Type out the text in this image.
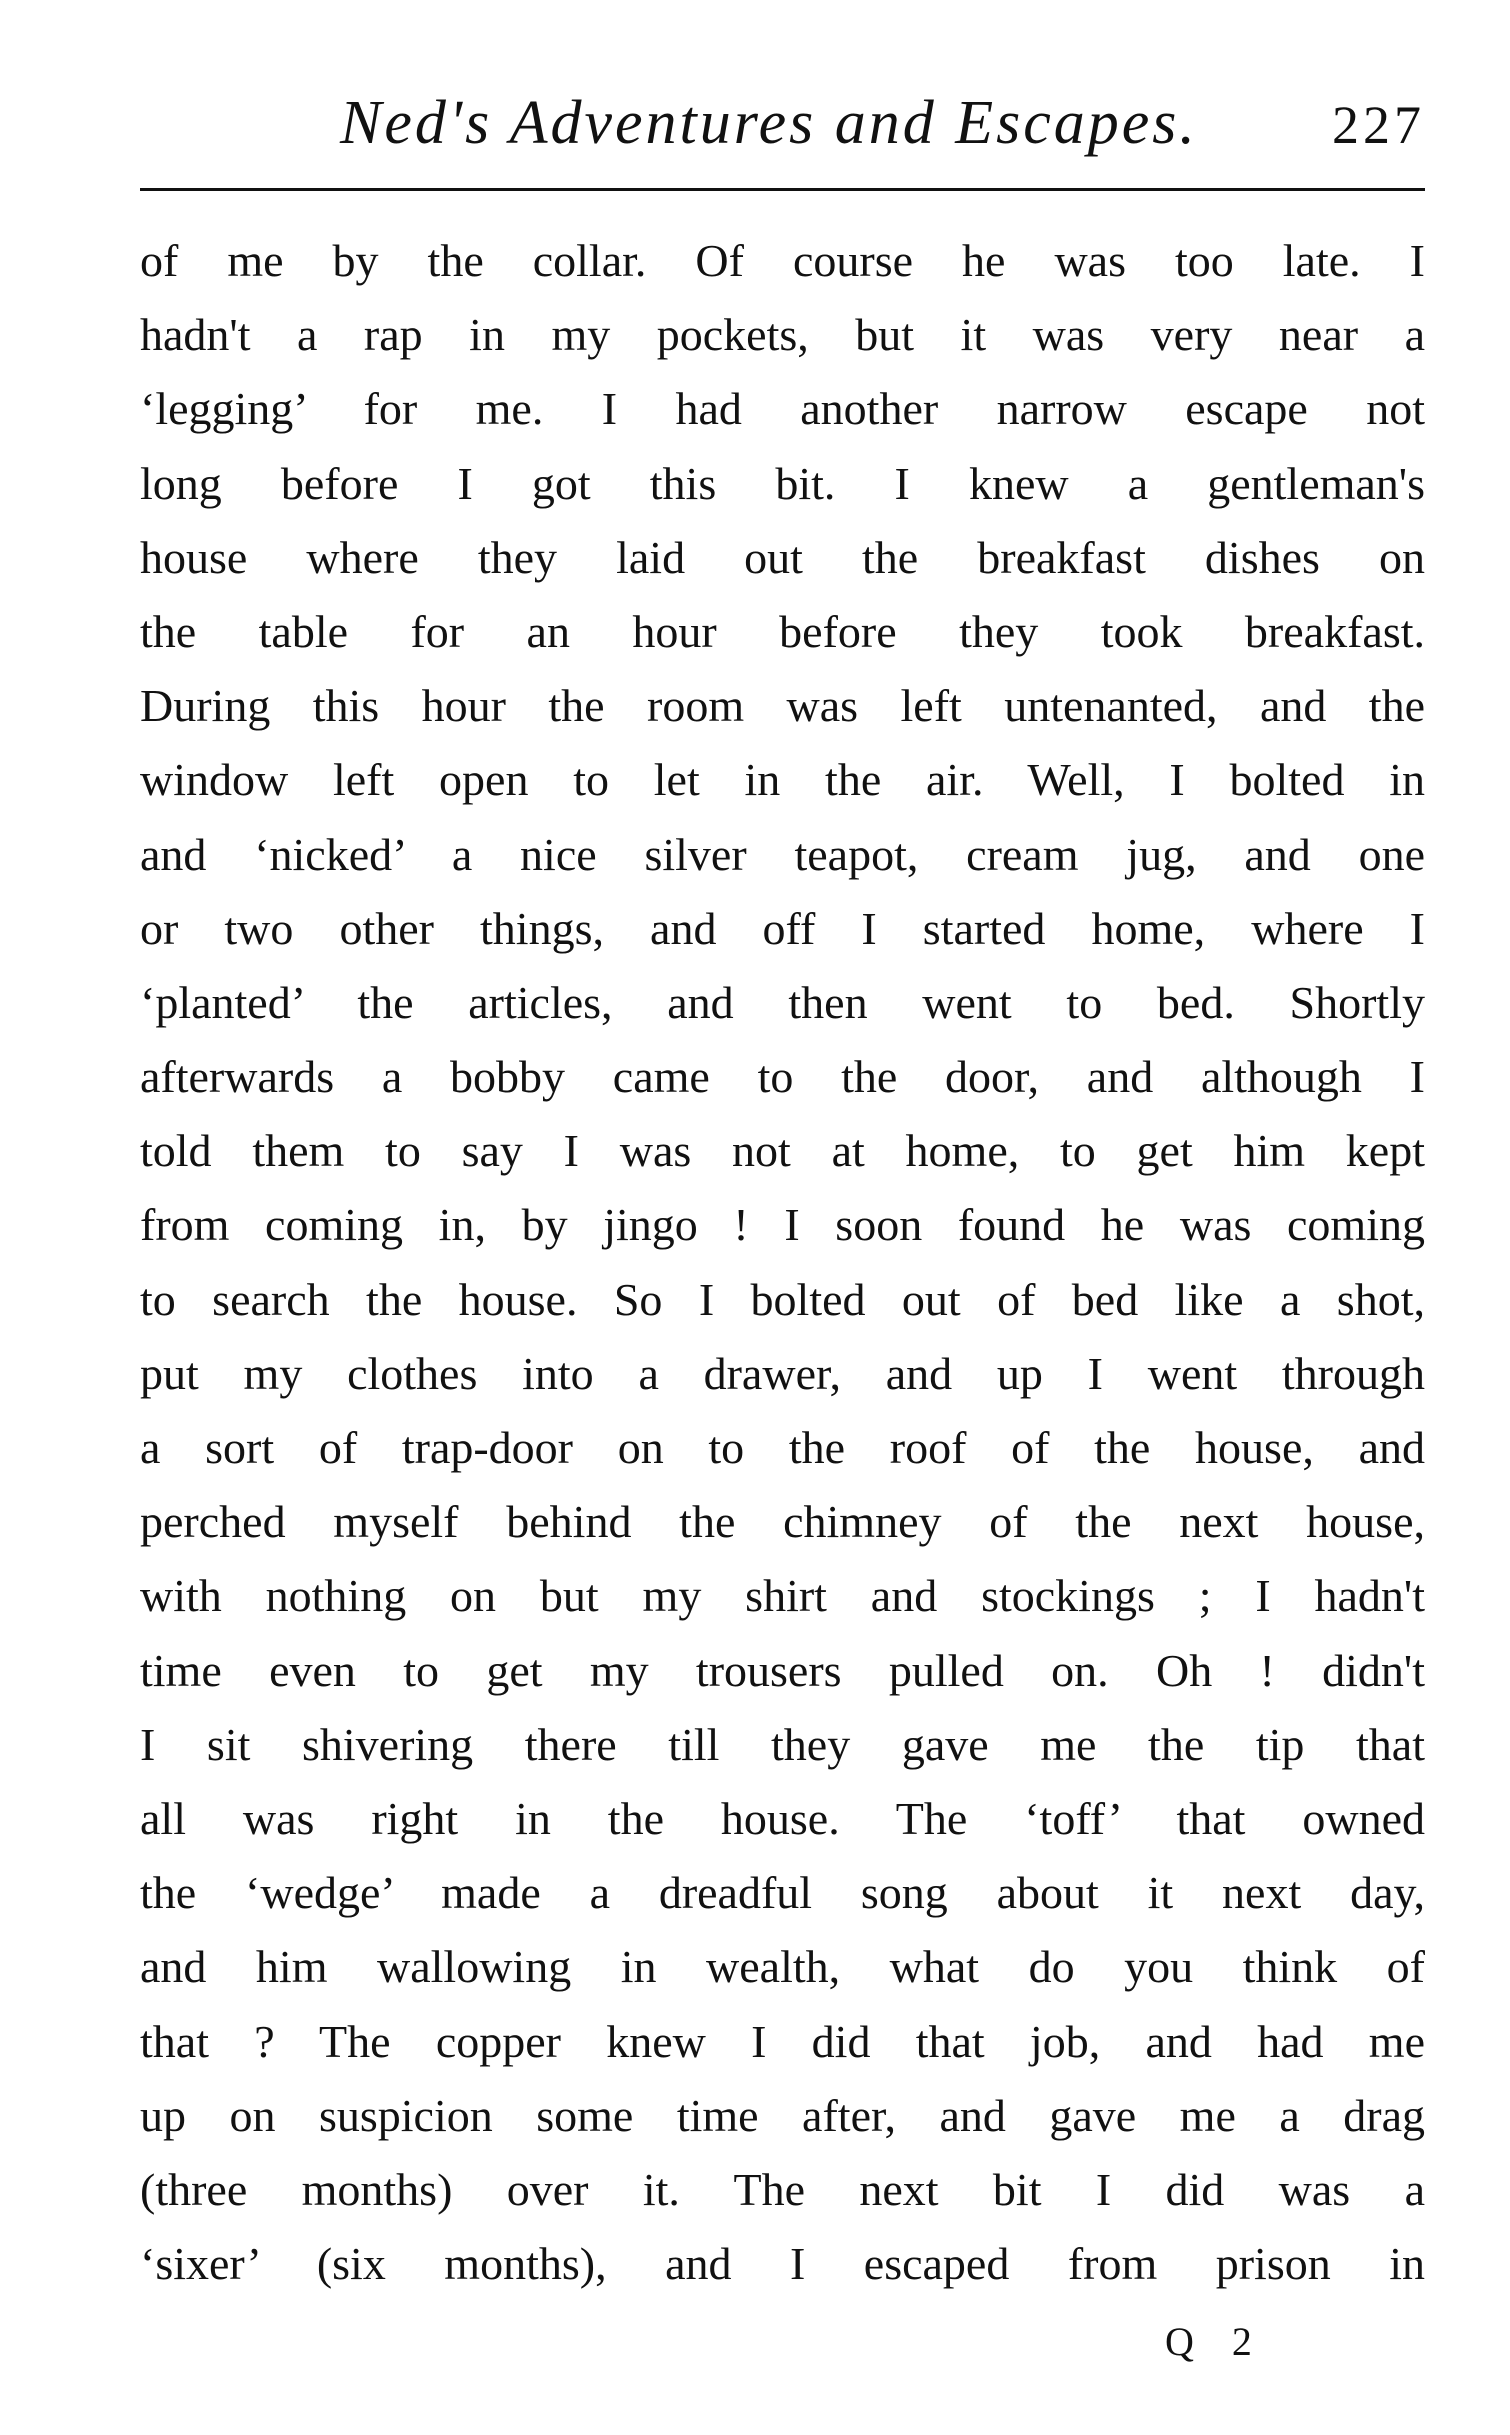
Ned's Adventures and Escapes. 227
of me by the collar. Of course he was too late. I
hadn't a rap in my pockets, but it was very near a
‘legging’ for me. I had another narrow escape not
long before I got this bit. I knew a gentleman's
house where they laid out the breakfast dishes on
the table for an hour before they took breakfast.
During this hour the room was left untenanted, and the
window left open to let in the air. Well, I bolted in
and ‘nicked’ a nice silver teapot, cream jug, and one
or two other things, and off I started home, where I
‘planted’ the articles, and then went to bed. Shortly
afterwards a bobby came to the door, and although I
told them to say I was not at home, to get him kept
from coming in, by jingo ! I soon found he was coming
to search the house. So I bolted out of bed like a shot,
put my clothes into a drawer, and up I went through
a sort of trap-door on to the roof of the house, and
perched myself behind the chimney of the next house,
with nothing on but my shirt and stockings ; I hadn't
time even to get my trousers pulled on. Oh ! didn't
I sit shivering there till they gave me the tip that
all was right in the house. The ‘toff’ that owned
the ‘wedge’ made a dreadful song about it next day,
and him wallowing in wealth, what do you think of
that ? The copper knew I did that job, and had me
up on suspicion some time after, and gave me a drag
(three months) over it. The next bit I did was a
‘sixer’ (six months), and I escaped from prison in
Q 2
